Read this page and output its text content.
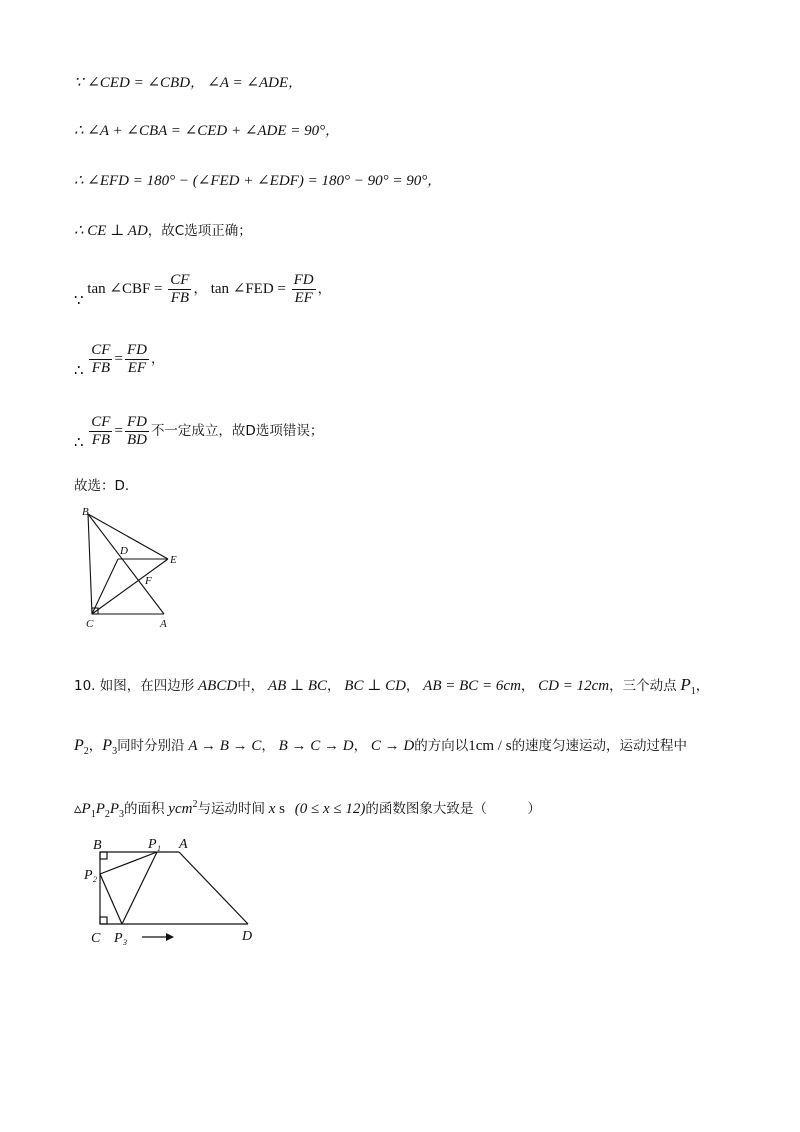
∵ ∠CED = ∠CBD， ∠A = ∠ADE，
∴ ∠A + ∠CBA = ∠CED + ∠ADE = 90°，
∴ ∠EFD = 180° − (∠FED + ∠EDF) = 180° − 90° = 90°，
∴ CE ⊥ AD，故C选项正确；
∵ tan ∠CBF = $\frac{CF}{FB}$ ， tan ∠FED = $\frac{FD}{EF}$ ，
∴ $\frac{CF}{FB} = \frac{FD}{EF}$ ，
∴ $\frac{CF}{FB} = \frac{FD}{BD}$ 不一定成立，故D选项错误；
故选：D．
B
D
E
F
C	A
10. 如图，在四边形 ABCD中， AB ⊥ BC， BC ⊥ CD， AB = BC = 6cm， CD = 12cm，三个动点 $P_1$，
$P_2$，$P_3$同时分别沿 A → B → C， B → C → D， C → D的方向以1cm / s的速度匀速运动，运动过程中
$▵P_1P_2P_3$的面积 ycm$^2$与运动时间 x s (0 ≤ x ≤ 12)的函数图象大致是（　　　）
B	P 1 A
P 2
C P 3	D
